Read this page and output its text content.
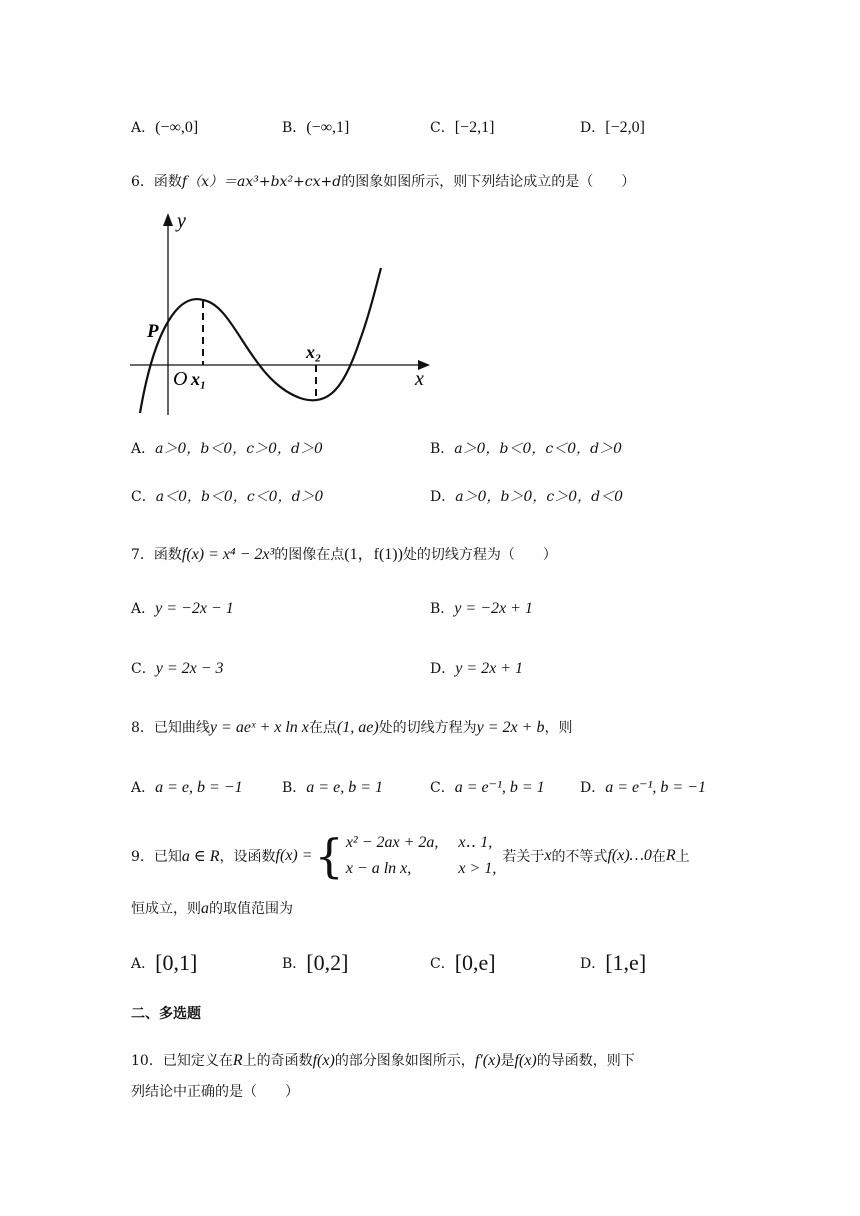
A．(−∞,0]	B．(−∞,1]	C．[−2,1]	D．[−2,0]
6．函数f（x）＝ax³+bx²+cx+d的图象如图所示，则下列结论成立的是（　　）
y
x
O
P
x₁
x₂
A．a＞0，b＜0，c＞0，d＞0	B．a＞0，b＜0，c＜0，d＞0
C．a＜0，b＜0，c＜0，d＞0	D．a＞0，b＞0，c＞0，d＜0
7．函数f(x) = x⁴ − 2x³的图像在点(1，f(1))处的切线方程为（　　）
A．y = −2x − 1	B．y = −2x + 1
C．y = 2x − 3	D．y = 2x + 1
8．已知曲线y = aeˣ + x ln x在点(1, ae)处的切线方程为y = 2x + b，则
A．a = e, b = −1	B．a = e, b = 1	C．a = e⁻¹, b = 1	D．a = e⁻¹, b = −1
9． 已知 a ∈ R ，设函数 f(x) = { x² − 2ax + 2a,	x‥ 1,
x − a ln x,	x > 1,
若关于 x 的不等式 f(x)…0 在 R 上
恒成立，则a的取值范围为
A．[0,1]	B．[0,2]	C．[0,e]	D．[1,e]
二、多选题
10．已知定义在R上的奇函数f(x)的部分图象如图所示，f′(x)是f(x)的导函数，则下
列结论中正确的是（　　）
